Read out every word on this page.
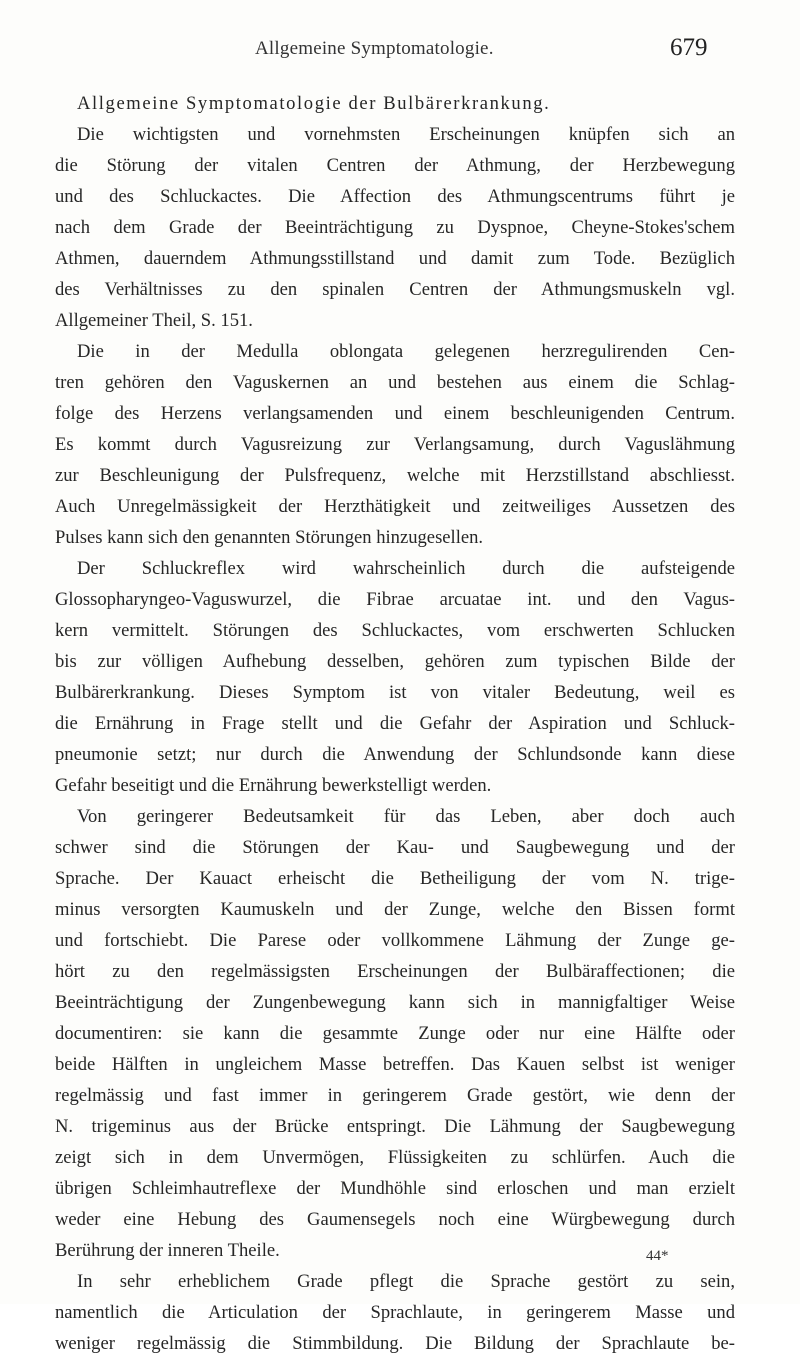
Allgemeine Symptomatologie.	679
Allgemeine Symptomatologie der Bulbärerkrankung.
Die wichtigsten und vornehmsten Erscheinungen knüpfen sich an
die Störung der vitalen Centren der Athmung, der Herzbewegung
und des Schluckactes. Die Affection des Athmungscentrums führt je
nach dem Grade der Beeinträchtigung zu Dyspnoe, Cheyne-Stokes'schem
Athmen, dauerndem Athmungsstillstand und damit zum Tode. Bezüglich
des Verhältnisses zu den spinalen Centren der Athmungsmuskeln vgl.
Allgemeiner Theil, S. 151.
Die in der Medulla oblongata gelegenen herzregulirenden Cen-
tren gehören den Vaguskernen an und bestehen aus einem die Schlag-
folge des Herzens verlangsamenden und einem beschleunigenden Centrum.
Es kommt durch Vagusreizung zur Verlangsamung, durch Vaguslähmung
zur Beschleunigung der Pulsfrequenz, welche mit Herzstillstand abschliesst.
Auch Unregelmässigkeit der Herzthätigkeit und zeitweiliges Aussetzen des
Pulses kann sich den genannten Störungen hinzugesellen.
Der Schluckreflex wird wahrscheinlich durch die aufsteigende
Glossopharyngeo-Vaguswurzel, die Fibrae arcuatae int. und den Vagus-
kern vermittelt. Störungen des Schluckactes, vom erschwerten Schlucken
bis zur völligen Aufhebung desselben, gehören zum typischen Bilde der
Bulbärerkrankung. Dieses Symptom ist von vitaler Bedeutung, weil es
die Ernährung in Frage stellt und die Gefahr der Aspiration und Schluck-
pneumonie setzt; nur durch die Anwendung der Schlundsonde kann diese
Gefahr beseitigt und die Ernährung bewerkstelligt werden.
Von geringerer Bedeutsamkeit für das Leben, aber doch auch
schwer sind die Störungen der Kau- und Saugbewegung und der
Sprache. Der Kauact erheischt die Betheiligung der vom N. trige-
minus versorgten Kaumuskeln und der Zunge, welche den Bissen formt
und fortschiebt. Die Parese oder vollkommene Lähmung der Zunge ge-
hört zu den regelmässigsten Erscheinungen der Bulbäraffectionen; die
Beeinträchtigung der Zungenbewegung kann sich in mannigfaltiger Weise
documentiren: sie kann die gesammte Zunge oder nur eine Hälfte oder
beide Hälften in ungleichem Masse betreffen. Das Kauen selbst ist weniger
regelmässig und fast immer in geringerem Grade gestört, wie denn der
N. trigeminus aus der Brücke entspringt. Die Lähmung der Saugbewegung
zeigt sich in dem Unvermögen, Flüssigkeiten zu schlürfen. Auch die
übrigen Schleimhautreflexe der Mundhöhle sind erloschen und man erzielt
weder eine Hebung des Gaumensegels noch eine Würgbewegung durch
Berührung der inneren Theile.
In sehr erheblichem Grade pflegt die Sprache gestört zu sein,
namentlich die Articulation der Sprachlaute, in geringerem Masse und
weniger regelmässig die Stimmbildung. Die Bildung der Sprachlaute be-
44*
